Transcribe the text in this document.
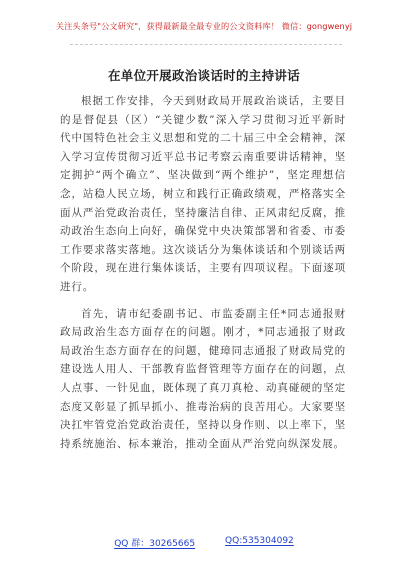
关注头条号"公文研究"，获得最新最全最专业的公文资料库！ 微信：gongwenyj
在单位开展政治谈话时的主持讲话

根据工作安排，今天到财政局开展政治谈话，主要目的是督促县（区）“关键少数”深入学习贯彻习近平新时代中国特色社会主义思想和党的二十届三中全会精神，深入学习宣传贯彻习近平总书记考察云南重要讲话精神，坚定拥护“两个确立”、坚决做到“两个维护”，坚定理想信念，站稳人民立场，树立和践行正确政绩观，严格落实全面从严治党政治责任，坚持廉洁自律、正风肃纪反腐，推动政治生态向上向好，确保党中央决策部署和省委、市委工作要求落实落地。这次谈话分为集体谈话和个别谈话两个阶段，现在进行集体谈话，主要有四项议程。下面逐项进行。

首先，请市纪委副书记、市监委副主任*同志通报财政局政治生态方面存在的问题。刚才，*同志通报了财政局政治生态方面存在的问题，健璋同志通报了财政局党的建设选人用人、干部教育监督管理等方面存在的问题，点人点事、一针见血，既体现了真刀真枪、动真碰硬的坚定态度又彰显了抓早抓小、推毒治病的良苦用心。大家要坚决扛牢管党治党政治责任，坚持以身作则、以上率下，坚持系统施治、标本兼治，推动全面从严治党向纵深发展。

QQ 群：30265665	QQ:535304092
